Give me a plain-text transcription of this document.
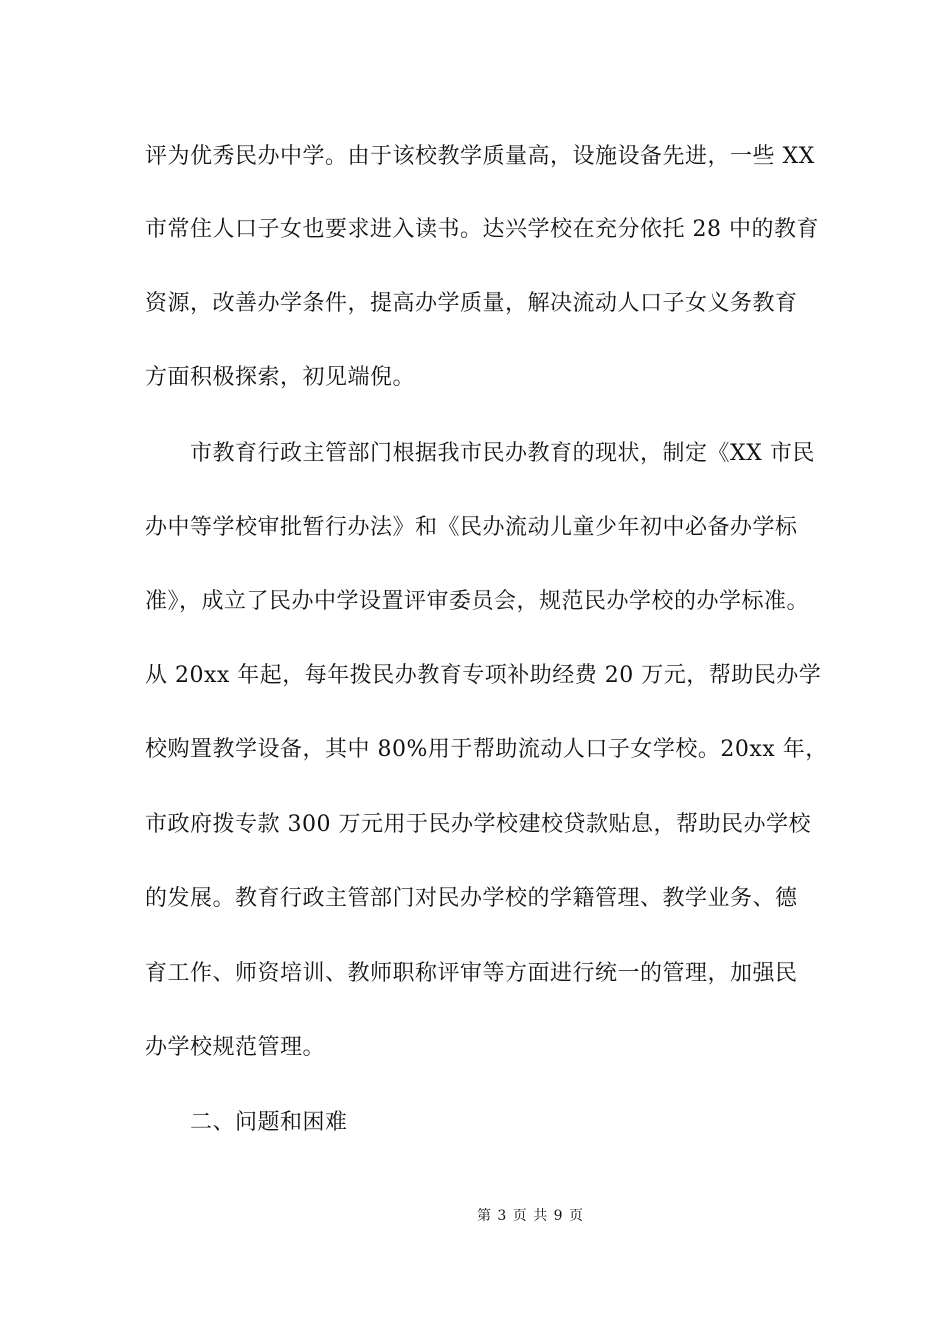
评为优秀民办中学。由于该校教学质量高，设施设备先进，一些 XX
市常住人口子女也要求进入读书。达兴学校在充分依托 28 中的教育
资源，改善办学条件，提高办学质量，解决流动人口子女义务教育
方面积极探索，初见端倪。
市教育行政主管部门根据我市民办教育的现状，制定《XX 市民
办中等学校审批暂行办法》和《民办流动儿童少年初中必备办学标
准》，成立了民办中学设置评审委员会，规范民办学校的办学标准。
从 20xx 年起，每年拨民办教育专项补助经费 20 万元，帮助民办学
校购置教学设备，其中 80%用于帮助流动人口子女学校。20xx 年，
市政府拨专款 300 万元用于民办学校建校贷款贴息，帮助民办学校
的发展。教育行政主管部门对民办学校的学籍管理、教学业务、德
育工作、师资培训、教师职称评审等方面进行统一的管理，加强民
办学校规范管理。
二、问题和困难
第 3 页 共 9 页
